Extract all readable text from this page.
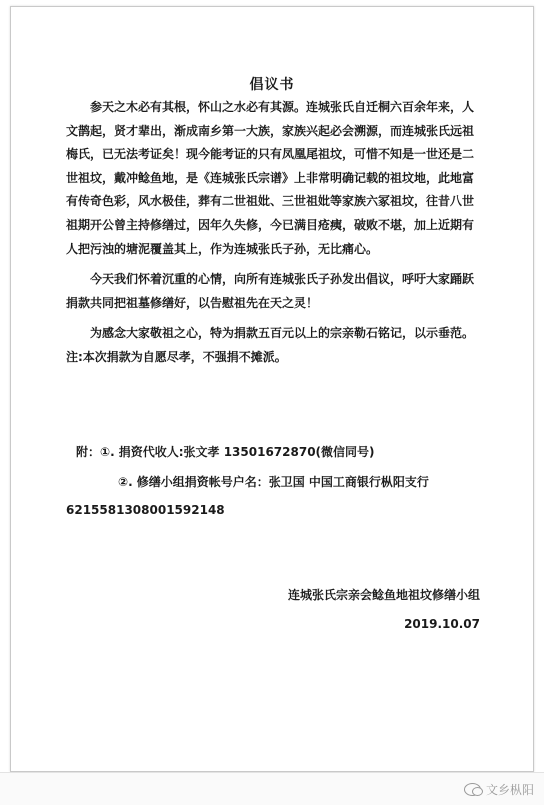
倡议书

参天之木必有其根，怀山之水必有其源。连城张氏自迁桐六百余年来，人文鹊起，贤才辈出，渐成南乡第一大族，家族兴起必会溯源，而连城张氏远祖梅氏，已无法考证矣！现今能考证的只有凤凰尾祖坟，可惜不知是一世还是二世祖坟，戴冲鲶鱼地，是《连城张氏宗谱》上非常明确记载的祖坟地，此地富有传奇色彩，风水极佳，葬有二世祖妣、三世祖妣等家族六冢祖坟，往昔八世祖期开公曾主持修缮过，因年久失修，今已满目疮痍，破败不堪，加上近期有人把污浊的塘泥覆盖其上，作为连城张氏子孙，无比痛心。

今天我们怀着沉重的心情，向所有连城张氏子孙发出倡议，呼吁大家踊跃捐款共同把祖墓修缮好，以告慰祖先在天之灵！

为感念大家敬祖之心，特为捐款五百元以上的宗亲勒石铭记，以示垂范。注:本次捐款为自愿尽孝，不强捐不摊派。

附：①. 捐资代收人:张文孝 13501672870(微信同号)
②. 修缮小组捐资帐号户名：张卫国 中国工商银行枞阳支行
6215581308001592148
连城张氏宗亲会鲶鱼地祖坟修缮小组
2019.10.07
文乡枞阳
